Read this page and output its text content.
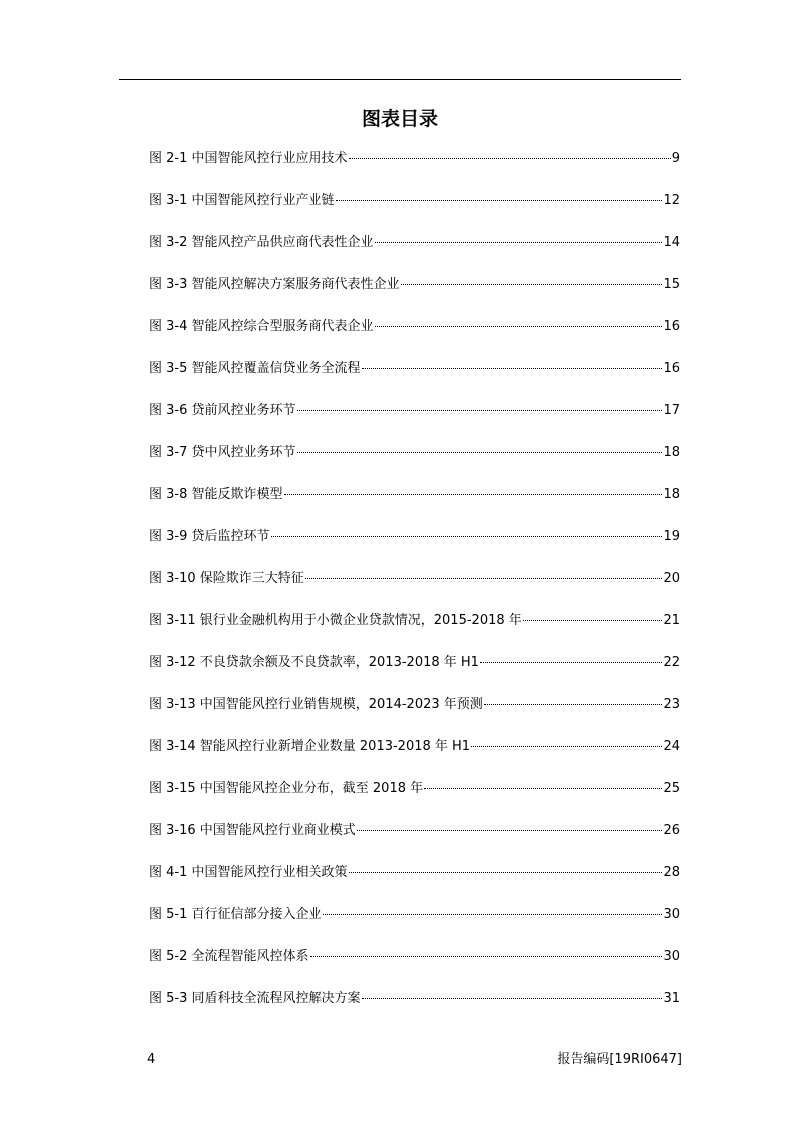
图表目录
图 2-1 中国智能风控行业应用技术	9
图 3-1 中国智能风控行业产业链	12
图 3-2 智能风控产品供应商代表性企业	14
图 3-3 智能风控解决方案服务商代表性企业	15
图 3-4 智能风控综合型服务商代表企业	16
图 3-5 智能风控覆盖信贷业务全流程	16
图 3-6 贷前风控业务环节	17
图 3-7 贷中风控业务环节	18
图 3-8 智能反欺诈模型	18
图 3-9 贷后监控环节	19
图 3-10 保险欺诈三大特征	20
图 3-11 银行业金融机构用于小微企业贷款情况，2015-2018 年	21
图 3-12 不良贷款余额及不良贷款率，2013-2018 年 H1	22
图 3-13 中国智能风控行业销售规模，2014-2023 年预测	23
图 3-14 智能风控行业新增企业数量 2013-2018 年 H1	24
图 3-15 中国智能风控企业分布，截至 2018 年	25
图 3-16 中国智能风控行业商业模式	26
图 4-1 中国智能风控行业相关政策	28
图 5-1 百行征信部分接入企业	30
图 5-2 全流程智能风控体系	30
图 5-3 同盾科技全流程风控解决方案	31
4	报告编码[19RI0647]
